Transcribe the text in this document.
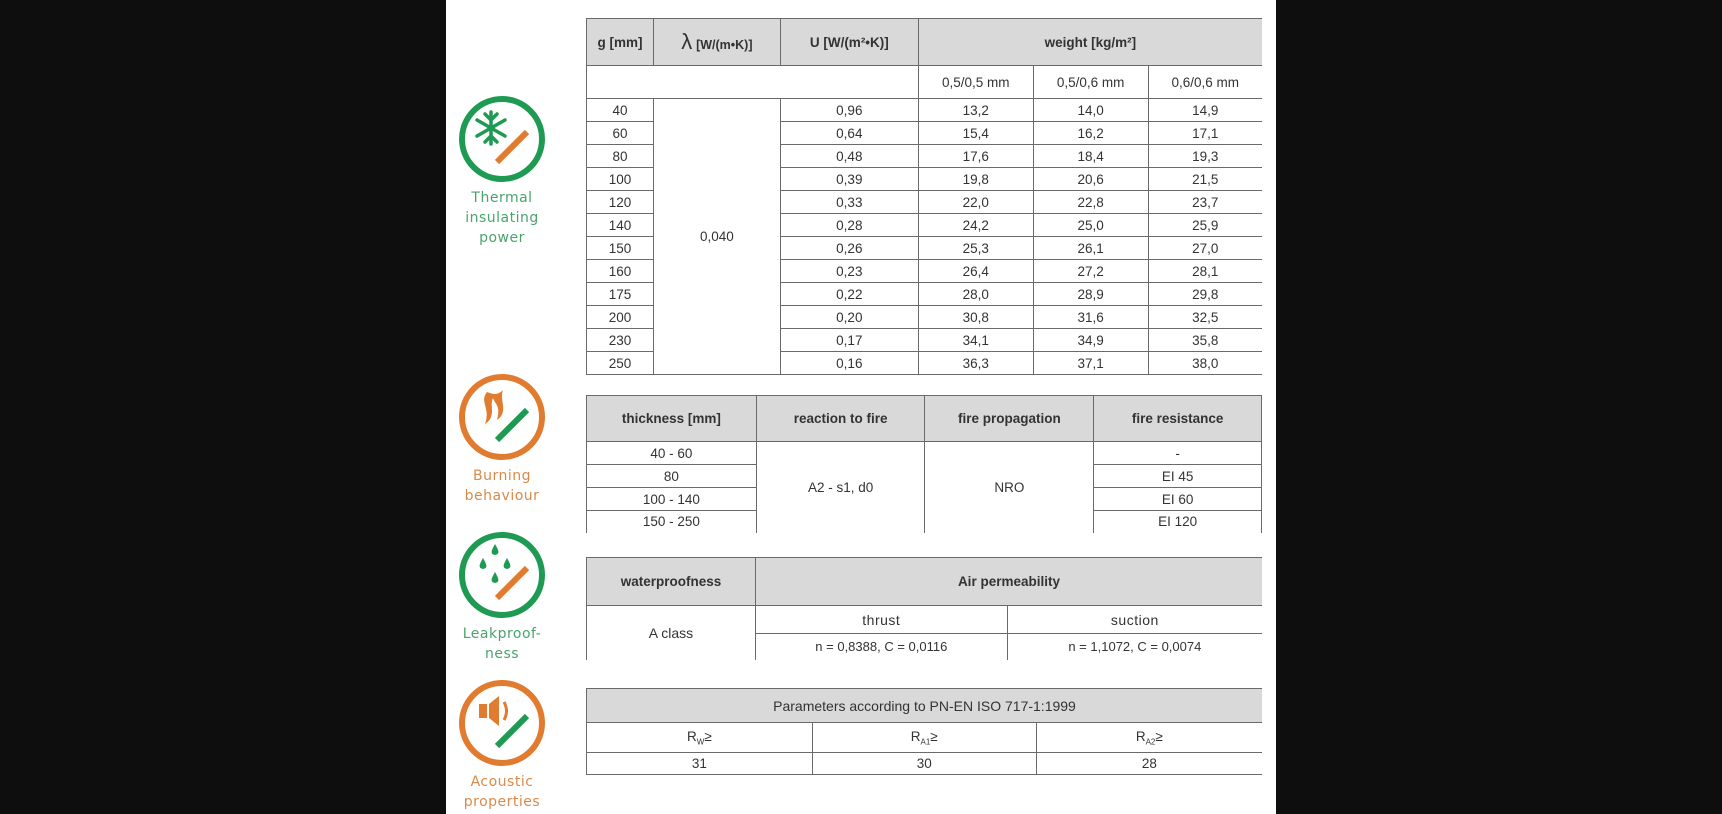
Thermal
insulating
power
Burning
behaviour
Leakproof-
ness
Acoustic
properties
g [mm]	λ [W/(m•K)]	U [W/(m²•K)]	weight [kg/m²]		
			0,5/0,5 mm	0,5/0,6 mm	0,6/0,6 mm
40	0,040	0,96	13,2	14,0	14,9
60		0,64	15,4	16,2	17,1
80		0,48	17,6	18,4	19,3
100		0,39	19,8	20,6	21,5
120		0,33	22,0	22,8	23,7
140		0,28	24,2	25,0	25,9
150		0,26	25,3	26,1	27,0
160		0,23	26,4	27,2	28,1
175		0,22	28,0	28,9	29,8
200		0,20	30,8	31,6	32,5
230		0,17	34,1	34,9	35,8
250		0,16	36,3	37,1	38,0
thickness [mm]	reaction to fire	fire propagation	fire resistance
40 - 60	A2 - s1, d0	NRO	-
80			EI 45
100 - 140			EI 60
150 - 250			EI 120
waterproofness	Air permeability	
A class	thrust	suction
	n = 0,8388, C = 0,0116	n = 1,1072, C = 0,0074
Parameters according to PN-EN ISO 717-1:1999		
$R_W\ge$	$R_{A1}\ge$	$R_{A2}\ge$
31	30	28
